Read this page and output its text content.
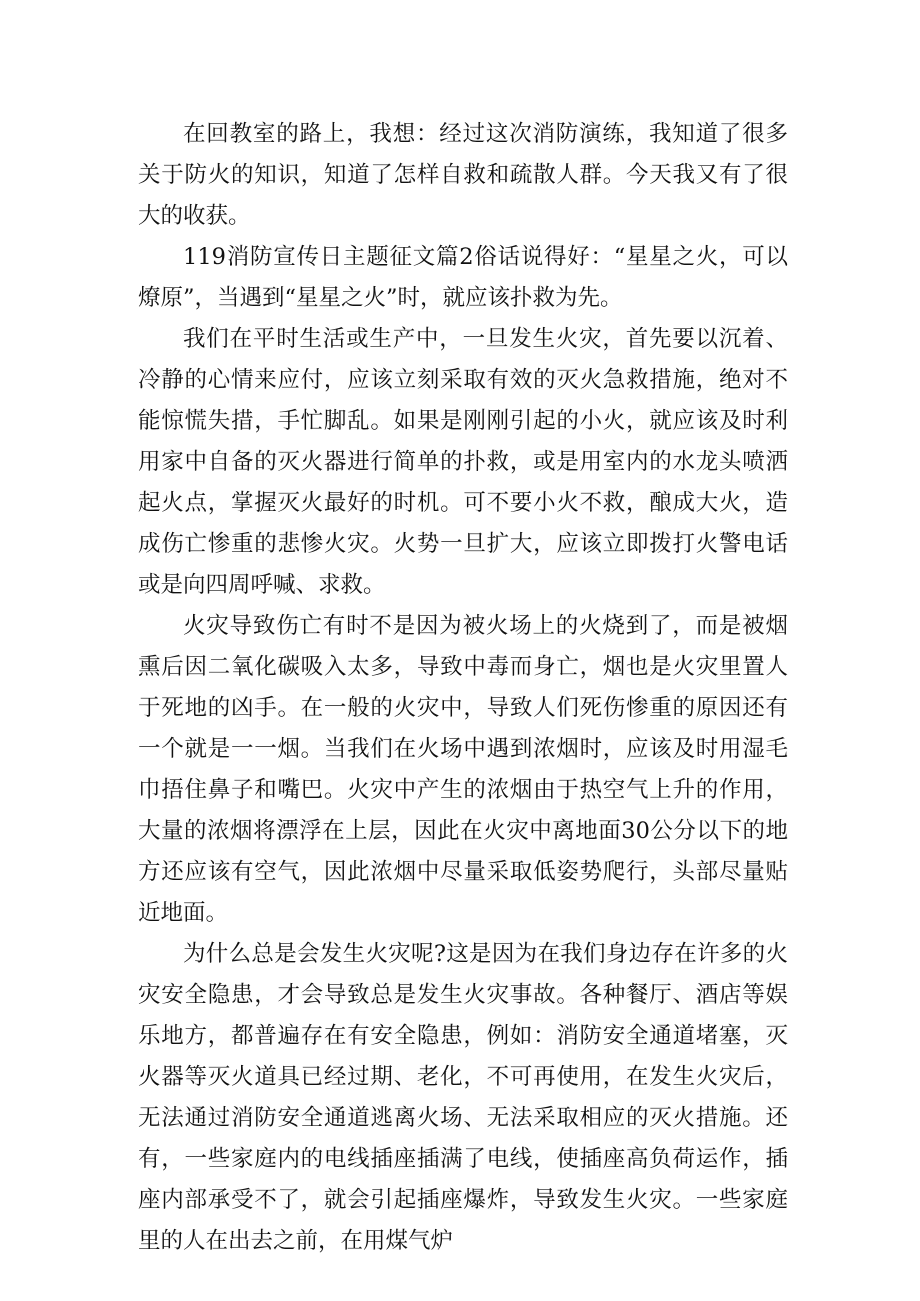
在回教室的路上，我想：经过这次消防演练，我知道了很多关于防火的知识，知道了怎样自救和疏散人群。今天我又有了很大的收获。

119消防宣传日主题征文篇2俗话说得好：“星星之火，可以燎原”，当遇到“星星之火”时，就应该扑救为先。

我们在平时生活或生产中，一旦发生火灾，首先要以沉着、冷静的心情来应付，应该立刻采取有效的灭火急救措施，绝对不能惊慌失措，手忙脚乱。如果是刚刚引起的小火，就应该及时利用家中自备的灭火器进行简单的扑救，或是用室内的水龙头喷洒起火点，掌握灭火最好的时机。可不要小火不救，酿成大火，造成伤亡惨重的悲惨火灾。火势一旦扩大，应该立即拨打火警电话或是向四周呼喊、求救。

火灾导致伤亡有时不是因为被火场上的火烧到了，而是被烟熏后因二氧化碳吸入太多，导致中毒而身亡，烟也是火灾里置人于死地的凶手。在一般的火灾中，导致人们死伤惨重的原因还有一个就是一一烟。当我们在火场中遇到浓烟时，应该及时用湿毛巾捂住鼻子和嘴巴。火灾中产生的浓烟由于热空气上升的作用，大量的浓烟将漂浮在上层，因此在火灾中离地面30公分以下的地方还应该有空气，因此浓烟中尽量采取低姿势爬行，头部尽量贴近地面。

为什么总是会发生火灾呢?这是因为在我们身边存在许多的火灾安全隐患，才会导致总是发生火灾事故。各种餐厅、酒店等娱乐地方，都普遍存在有安全隐患，例如：消防安全通道堵塞，灭火器等灭火道具已经过期、老化，不可再使用，在发生火灾后，无法通过消防安全通道逃离火场、无法采取相应的灭火措施。还有，一些家庭内的电线插座插满了电线，使插座高负荷运作，插座内部承受不了，就会引起插座爆炸，导致发生火灾。一些家庭里的人在出去之前，在用煤气炉
